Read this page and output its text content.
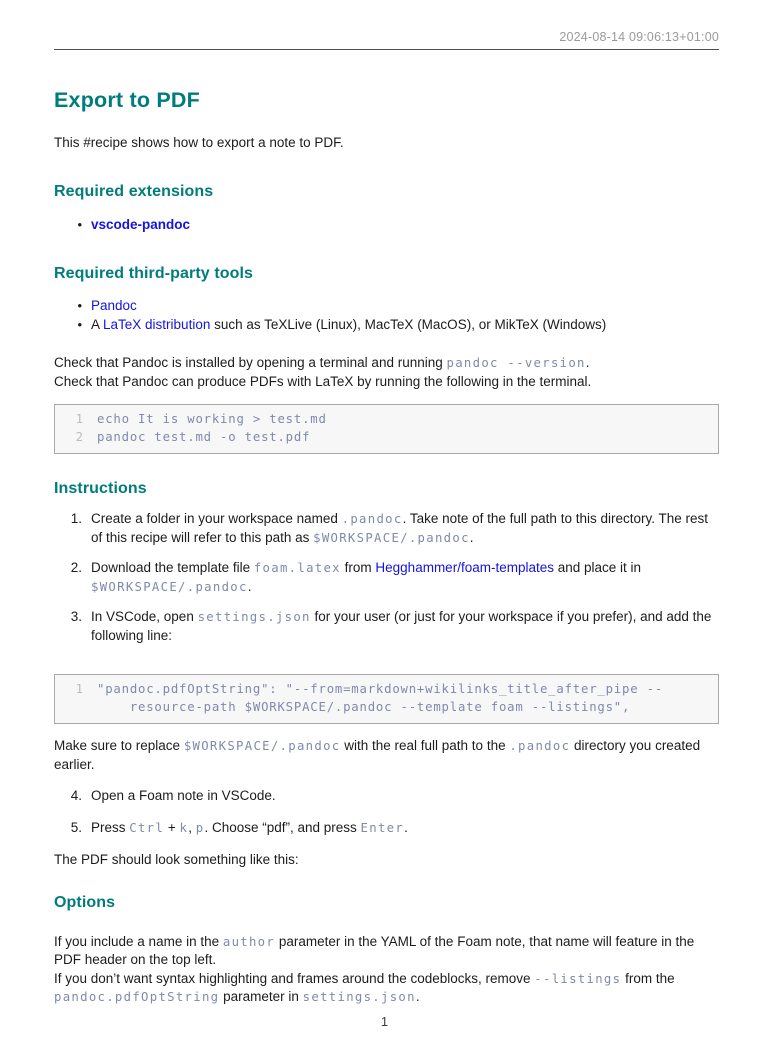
2024-08-14 09:06:13+01:00
Export to PDF
This #recipe shows how to export a note to PDF.
Required extensions
•
vscode-pandoc
Required third-party tools
•
Pandoc
•
A LaTeX distribution such as TeXLive (Linux), MacTeX (MacOS), or MikTeX (Windows)
Check that Pandoc is installed by opening a terminal and running pandoc --version.
Check that Pandoc can produce PDFs with LaTeX by running the following in the terminal.
1 echo It is working > test.md
2 pandoc test.md -o test.pdf
Instructions
1. Create a folder in your workspace named .pandoc. Take note of the full path to this directory. The rest of this recipe will refer to this path as $WORKSPACE/.pandoc.
2. Download the template file foam.latex from Hegghammer/foam-templates and place it in $WORKSPACE/.pandoc.
3. In VSCode, open settings.json for your user (or just for your workspace if you prefer), and add the following line:
1 "pandoc.pdfOptString": "--from=markdown+wikilinks_title_after_pipe --
resource-path $WORKSPACE/.pandoc --template foam --listings",
Make sure to replace $WORKSPACE/.pandoc with the real full path to the .pandoc directory you created earlier.
4. Open a Foam note in VSCode.
5. Press Ctrl + k, p. Choose “pdf”, and press Enter.
The PDF should look something like this:
Options
If you include a name in the author parameter in the YAML of the Foam note, that name will feature in the PDF header on the top left.
If you don’t want syntax highlighting and frames around the codeblocks, remove --listings from the pandoc.pdfOptString parameter in settings.json.
1
